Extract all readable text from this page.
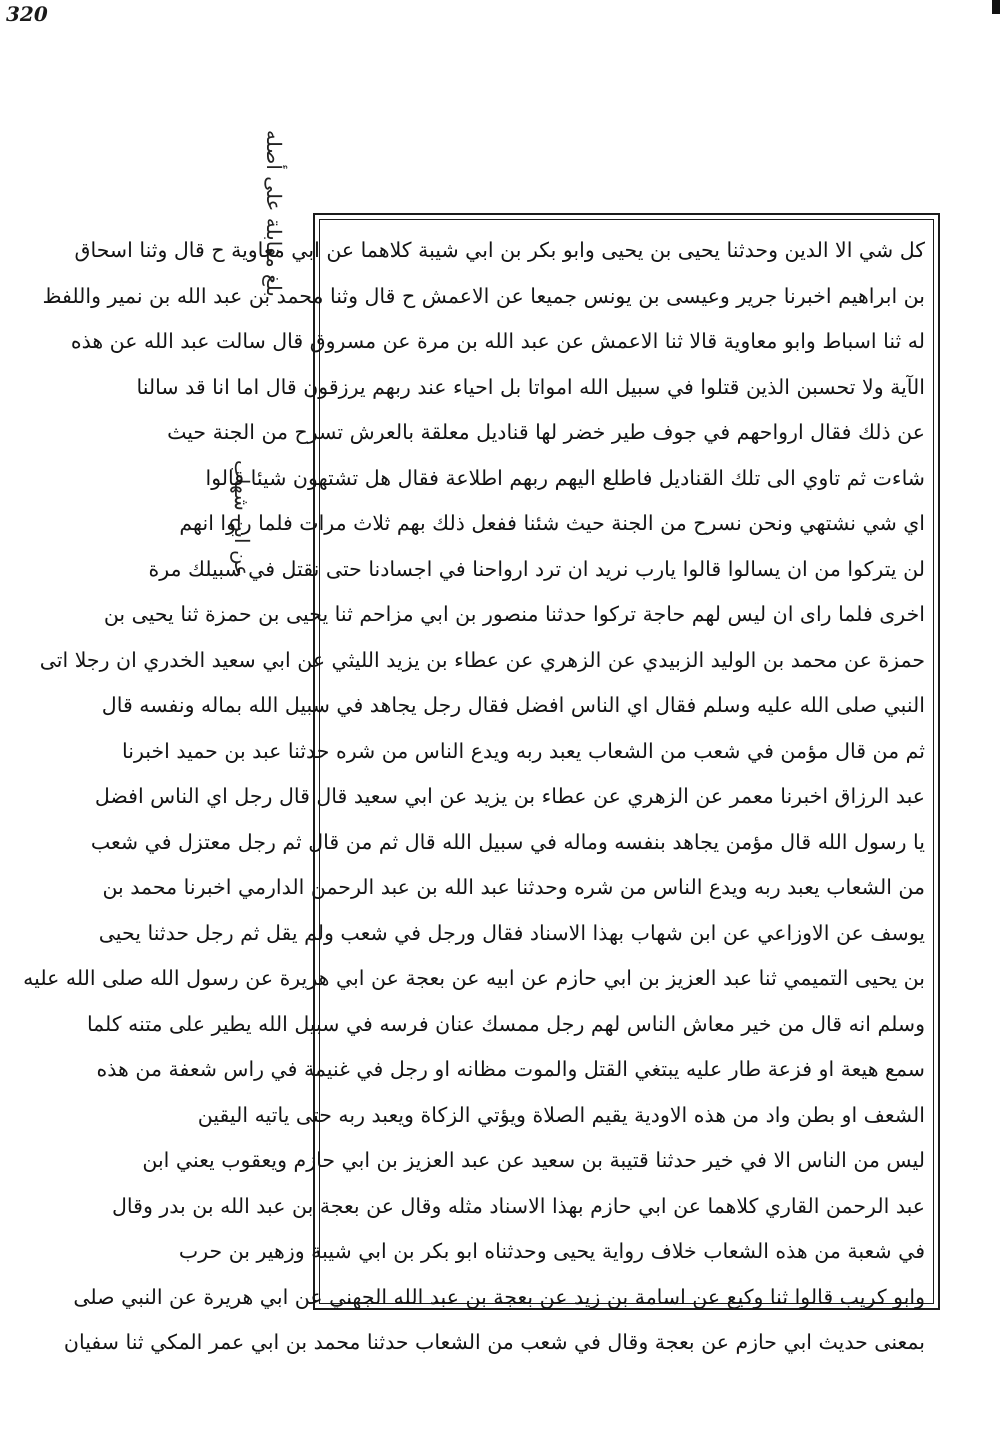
320
بلغ مقابلة على أصله
عن ابن شهاب
كل شي الا الدين وحدثنا يحيى بن يحيى وابو بكر بن ابي شيبة كلاهما عن ابي معاوية ح قال وثنا اسحاق
بن ابراهيم اخبرنا جرير وعيسى بن يونس جميعا عن الاعمش ح قال وثنا محمد بن عبد الله بن نمير واللفظ
له ثنا اسباط وابو معاوية قالا ثنا الاعمش عن عبد الله بن مرة عن مسروق قال سالت عبد الله عن هذه
الآية ولا تحسبن الذين قتلوا في سبيل الله امواتا بل احياء عند ربهم يرزقون قال اما انا قد سالنا
عن ذلك فقال ارواحهم في جوف طير خضر لها قناديل معلقة بالعرش تسرح من الجنة حيث
شاءت ثم تاوي الى تلك القناديل فاطلع اليهم ربهم اطلاعة فقال هل تشتهون شيئا قالوا
اي شي نشتهي ونحن نسرح من الجنة حيث شئنا ففعل ذلك بهم ثلاث مرات فلما راوا انهم
لن يتركوا من ان يسالوا قالوا يارب نريد ان ترد ارواحنا في اجسادنا حتى نقتل في سبيلك مرة
اخرى فلما راى ان ليس لهم حاجة تركوا حدثنا منصور بن ابي مزاحم ثنا يحيى بن حمزة ثنا يحيى بن
حمزة عن محمد بن الوليد الزبيدي عن الزهري عن عطاء بن يزيد الليثي عن ابي سعيد الخدري ان رجلا اتى
النبي صلى الله عليه وسلم فقال اي الناس افضل فقال رجل يجاهد في سبيل الله بماله ونفسه قال
ثم من قال مؤمن في شعب من الشعاب يعبد ربه ويدع الناس من شره حدثنا عبد بن حميد اخبرنا
عبد الرزاق اخبرنا معمر عن الزهري عن عطاء بن يزيد عن ابي سعيد قال قال رجل اي الناس افضل
يا رسول الله قال مؤمن يجاهد بنفسه وماله في سبيل الله قال ثم من قال ثم رجل معتزل في شعب
من الشعاب يعبد ربه ويدع الناس من شره وحدثنا عبد الله بن عبد الرحمن الدارمي اخبرنا محمد بن
يوسف عن الاوزاعي عن ابن شهاب بهذا الاسناد فقال ورجل في شعب ولم يقل ثم رجل حدثنا يحيى
بن يحيى التميمي ثنا عبد العزيز بن ابي حازم عن ابيه عن بعجة عن ابي هريرة عن رسول الله صلى الله عليه
وسلم انه قال من خير معاش الناس لهم رجل ممسك عنان فرسه في سبيل الله يطير على متنه كلما
سمع هيعة او فزعة طار عليه يبتغي القتل والموت مظانه او رجل في غنيمة في راس شعفة من هذه
الشعف او بطن واد من هذه الاودية يقيم الصلاة ويؤتي الزكاة ويعبد ربه حتى ياتيه اليقين
ليس من الناس الا في خير حدثنا قتيبة بن سعيد عن عبد العزيز بن ابي حازم ويعقوب يعني ابن
عبد الرحمن القاري كلاهما عن ابي حازم بهذا الاسناد مثله وقال عن بعجة بن عبد الله بن بدر وقال
في شعبة من هذه الشعاب خلاف رواية يحيى وحدثناه ابو بكر بن ابي شيبة وزهير بن حرب
وابو كريب قالوا ثنا وكيع عن اسامة بن زيد عن بعجة بن عبد الله الجهني عن ابي هريرة عن النبي صلى
بمعنى حديث ابي حازم عن بعجة وقال في شعب من الشعاب حدثنا محمد بن ابي عمر المكي ثنا سفيان
